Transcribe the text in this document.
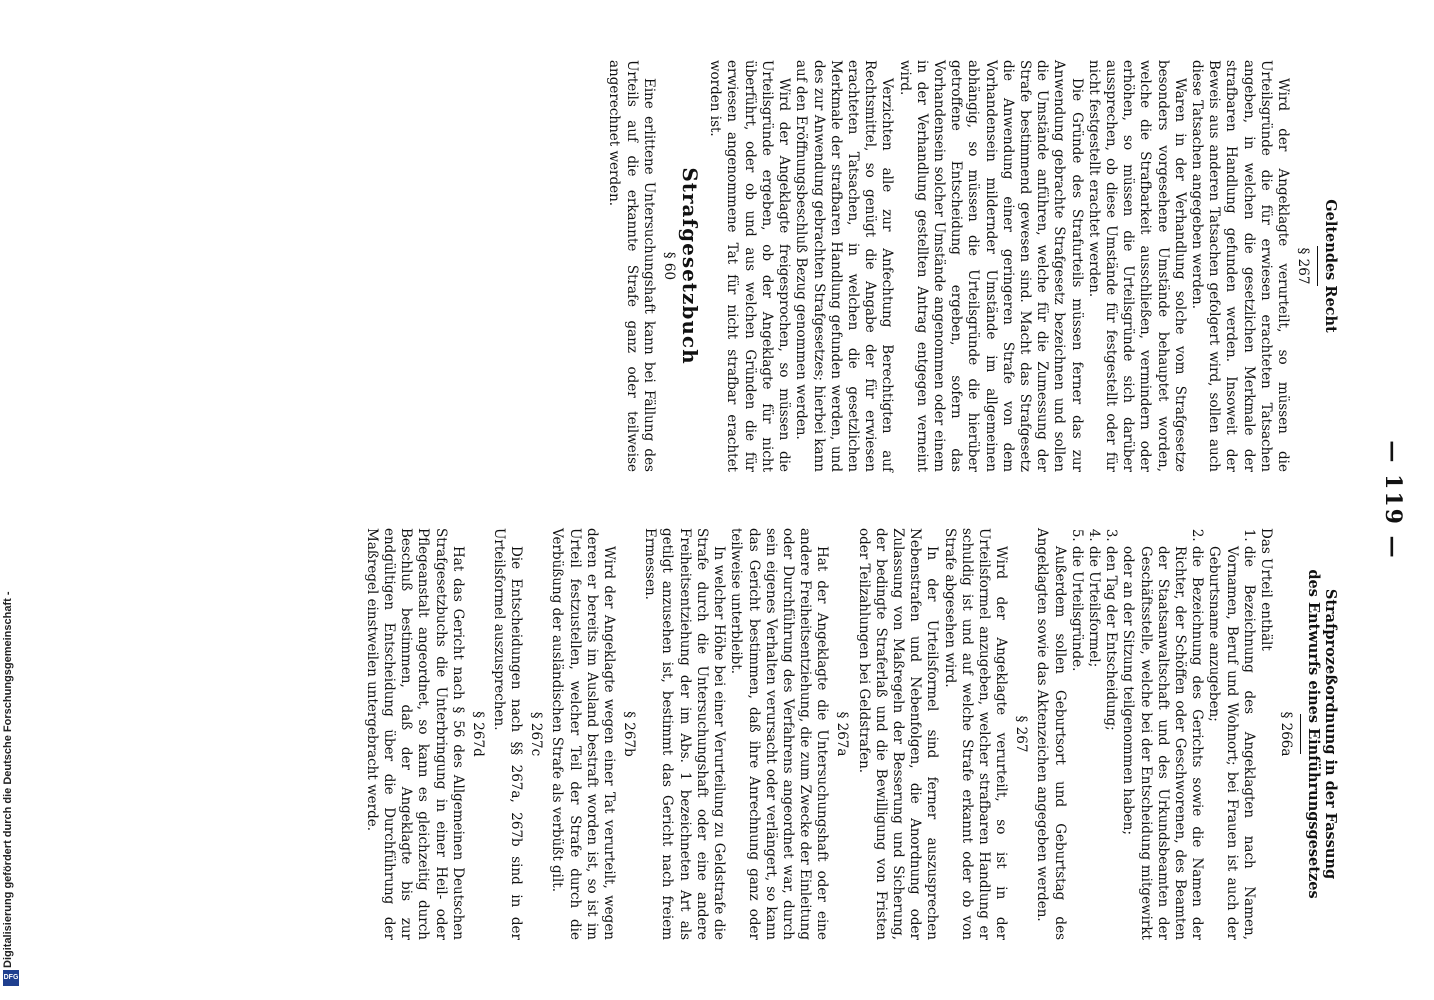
— 119 —
Geltendes Recht
§ 267

Wird der Angeklagte verurteilt, so müssen die Urteilsgründe die für erwiesen erachteten Tatsachen angeben, in welchen die gesetzlichen Merkmale der strafbaren Handlung gefunden werden. Insoweit der Beweis aus anderen Tatsachen gefolgert wird, sollen auch diese Tatsachen angegeben werden.

Waren in der Verhandlung solche vom Strafgesetze besonders vorgesehene Umstände behauptet worden, welche die Strafbarkeit ausschließen, vermindern oder erhöhen, so müssen die Urteilsgründe sich darüber aussprechen, ob diese Umstände für festgestellt oder für nicht festgestellt erachtet werden.

Die Gründe des Strafurteils müssen ferner das zur Anwendung gebrachte Strafgesetz bezeichnen und sollen die Umstände anführen, welche für die Zumessung der Strafe bestimmend gewesen sind. Macht das Strafgesetz die Anwendung einer geringeren Strafe von dem Vorhandensein mildernder Umstände im allgemeinen abhängig, so müssen die Urteilsgründe die hierüber getroffene Entscheidung ergeben, sofern das Vorhandensein solcher Umstände angenommen oder einem in der Verhandlung gestellten Antrag entgegen verneint wird.

Verzichten alle zur Anfechtung Berechtigten auf Rechtsmittel, so genügt die Angabe der für erwiesen erachteten Tatsachen, in welchen die gesetzlichen Merkmale der strafbaren Handlung gefunden werden, und des zur Anwendung gebrachten Strafgesetzes; hierbei kann auf den Eröffnungsbeschluß Bezug genommen werden.

Wird der Angeklagte freigesprochen, so müssen die Urteilsgründe ergeben, ob der Angeklagte für nicht überführt, oder ob und aus welchen Gründen die für erwiesen angenommene Tat für nicht strafbar erachtet worden ist.

Strafgesetzbuch
§ 60

Eine erlittene Untersuchungshaft kann bei Fällung des Urteils auf die erkannte Strafe ganz oder teilweise angerechnet werden.

Strafprozeßordnung in der Fassung
des Entwurfs eines Einführungsgesetzes
§ 266a

Das Urteil enthält

1. die Bezeichnung des Angeklagten nach Namen, Vornamen, Beruf und Wohnort; bei Frauen ist auch der Geburtsname anzugeben;
2. die Bezeichnung des Gerichts sowie die Namen der Richter, der Schöffen oder Geschworenen, des Beamten der Staatsanwaltschaft und des Urkundsbeamten der Geschäftsstelle, welche bei der Entscheidung mitgewirkt oder an der Sitzung teilgenommen haben;
3. den Tag der Entscheidung;
4. die Urteilsformel;
5. die Urteilsgründe.

Außerdem sollen Geburtsort und Geburtstag des Angeklagten sowie das Aktenzeichen angegeben werden.

§ 267

Wird der Angeklagte verurteilt, so ist in der Urteilsformel anzugeben, welcher strafbaren Handlung er schuldig ist und auf welche Strafe erkannt oder ob von Strafe abgesehen wird.

In der Urteilsformel sind ferner auszusprechen Nebenstrafen und Nebenfolgen, die Anordnung oder Zulassung von Maßregeln der Besserung und Sicherung, der bedingte Straferlaß und die Bewilligung von Fristen oder Teilzahlungen bei Geldstrafen.

§ 267a

Hat der Angeklagte die Untersuchungshaft oder eine andere Freiheitsentziehung, die zum Zwecke der Einleitung oder Durchführung des Verfahrens angeordnet war, durch sein eigenes Verhalten verursacht oder verlängert, so kann das Gericht bestimmen, daß ihre Anrechnung ganz oder teilweise unterbleibt.

In welcher Höhe bei einer Verurteilung zu Geldstrafe die Strafe durch die Untersuchungshaft oder eine andere Freiheitsentziehung der im Abs. 1 bezeichneten Art als getilgt anzusehen ist, bestimmt das Gericht nach freiem Ermessen.

§ 267b

Wird der Angeklagte wegen einer Tat verurteilt, wegen deren er bereits im Ausland bestraft worden ist, so ist im Urteil festzustellen, welcher Teil der Strafe durch die Verbüßung der ausländischen Strafe als verbüßt gilt.

§ 267c

Die Entscheidungen nach §§ 267a, 267b sind in der Urteilsformel auszusprechen.

§ 267d

Hat das Gericht nach § 56 des Allgemeinen Deutschen Strafgesetzbuchs die Unterbringung in einer Heil- oder Pflegeanstalt angeordnet, so kann es gleichzeitig durch Beschluß bestimmen, daß der Angeklagte bis zur endgültigen Entscheidung über die Durchführung der Maßregel einstweilen untergebracht werde.

Digitalisierung gefördert durch die Deutsche Forschungsgemeinschaft -
DFG
